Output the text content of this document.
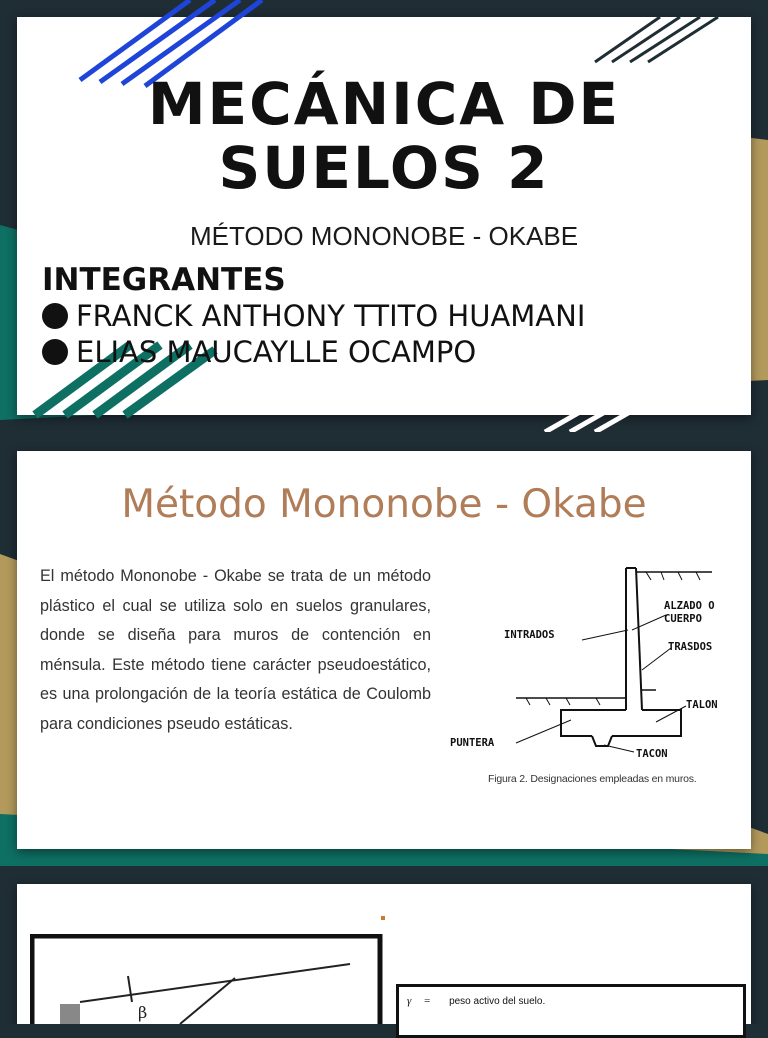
MECÁNICA DE
SUELOS 2
MÉTODO MONONOBE - OKABE
INTEGRANTES
FRANCK ANTHONY TTITO HUAMANI
ELIAS MAUCAYLLE OCAMPO
Método Mononobe - Okabe

El método Mononobe - Okabe se trata de un método plástico el cual se utiliza solo en suelos granulares, donde se diseña para muros de contención en ménsula. Este método tiene carácter pseudoestático, es una prolongación de la teoría estática de Coulomb para condiciones pseudo estáticas.

ALZADO O
CUERPO
INTRADOS
TRASDOS
TALON
PUNTERA
TACON
Figura 2. Designaciones empleadas en muros.
β
γ = peso activo del suelo.
